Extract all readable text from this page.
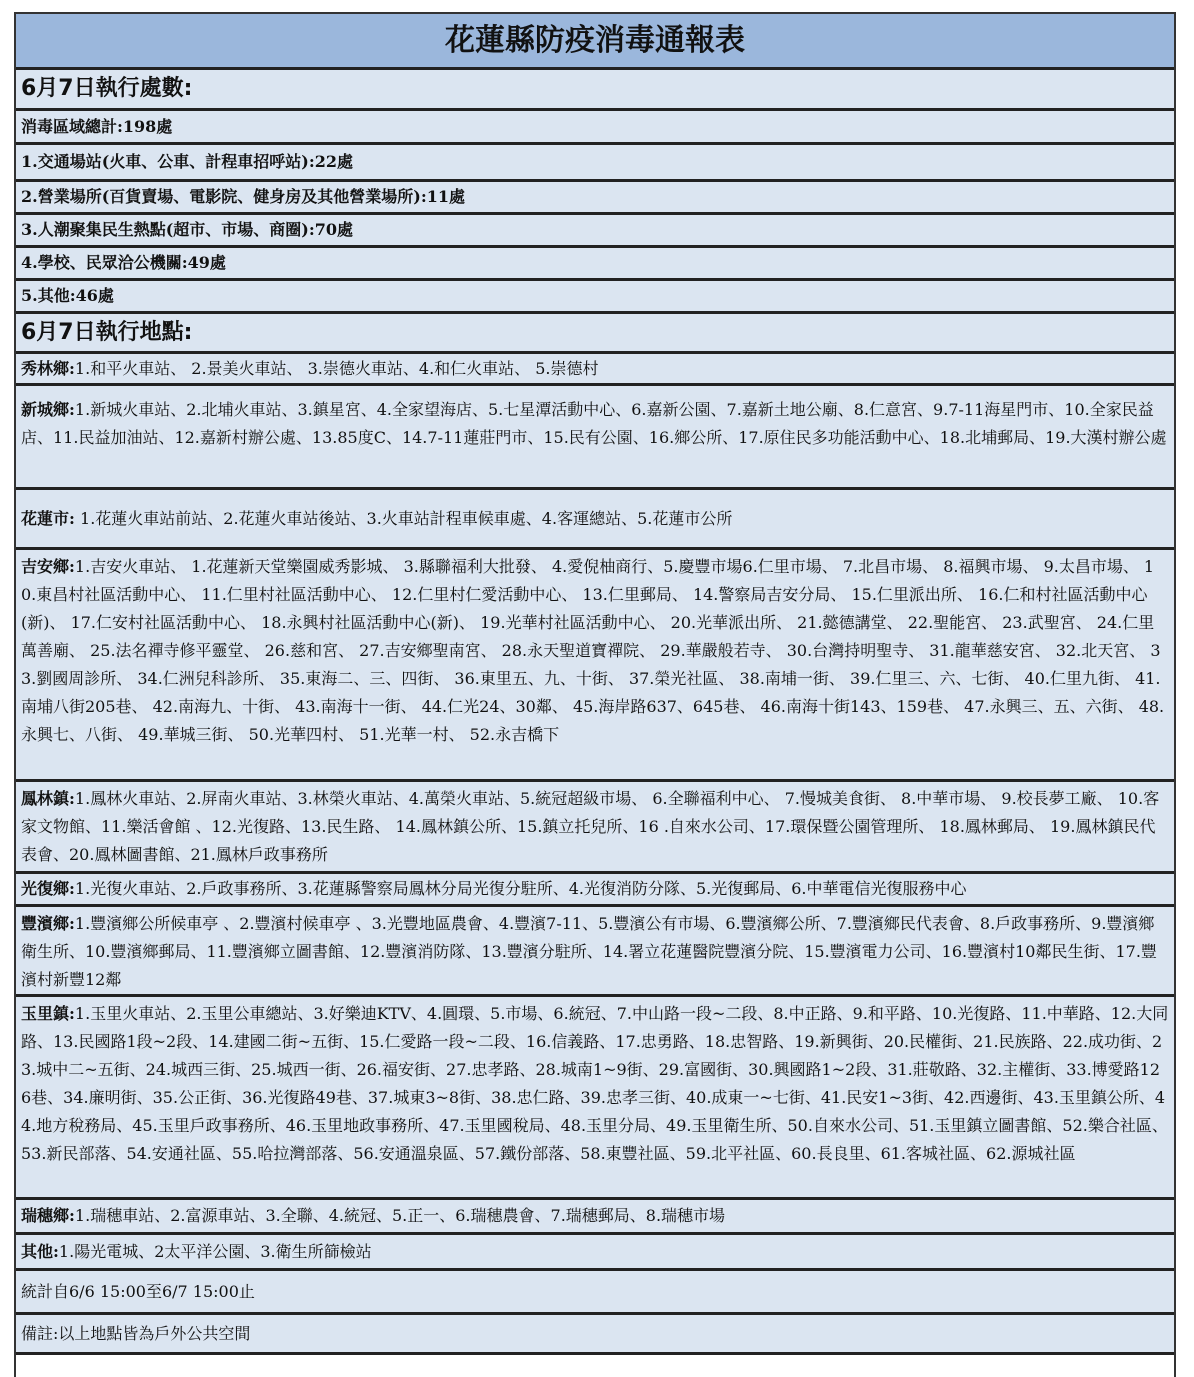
花蓮縣防疫消毒通報表
6月7日執行處數:
消毒區域總計:198處
1.交通場站(火車、公車、計程車招呼站):22處
2.營業場所(百貨賣場、電影院、健身房及其他營業場所):11處
3.人潮聚集民生熱點(超市、市場、商圈):70處
4.學校、民眾洽公機關:49處
5.其他:46處
6月7日執行地點:
秀林鄉:1.和平火車站、 2.景美火車站、 3.崇德火車站、4.和仁火車站、 5.崇德村
新城鄉:1.新城火車站、2.北埔火車站、3.鎮星宮、4.全家望海店、5.七星潭活動中心、6.嘉新公園、7.嘉新土地公廟、8.仁意宮、9.7-11海星門市、10.全家民益店、11.民益加油站、12.嘉新村辦公處、13.85度C、14.7-11蓮莊門市、15.民有公園、16.鄉公所、17.原住民多功能活動中心、18.北埔郵局、19.大漢村辦公處
花蓮市: 1.花蓮火車站前站、2.花蓮火車站後站、3.火車站計程車候車處、4.客運總站、5.花蓮市公所
吉安鄉:1.吉安火車站、 1.花蓮新天堂樂園威秀影城、 3.縣聯福利大批發、 4.愛倪柚商行、5.慶豐市場6.仁里市場、 7.北昌市場、 8.福興市場、 9.太昌市場、 10.東昌村社區活動中心、 11.仁里村社區活動中心、 12.仁里村仁愛活動中心、 13.仁里郵局、 14.警察局吉安分局、 15.仁里派出所、 16.仁和村社區活動中心(新)、 17.仁安村社區活動中心、 18.永興村社區活動中心(新)、 19.光華村社區活動中心、 20.光華派出所、 21.懿德講堂、 22.聖能宮、 23.武聖宮、 24.仁里萬善廟、 25.法名禪寺修平靈堂、 26.慈和宮、 27.吉安鄉聖南宮、 28.永天聖道寶禪院、 29.華嚴般若寺、 30.台灣持明聖寺、 31.龍華慈安宮、 32.北天宮、 33.劉國周診所、 34.仁洲兒科診所、 35.東海二、三、四街、 36.東里五、九、十街、 37.榮光社區、 38.南埔一街、 39.仁里三、六、七街、 40.仁里九街、 41.南埔八街205巷、 42.南海九、十街、 43.南海十一街、 44.仁光24、30鄰、 45.海岸路637、645巷、 46.南海十街143、159巷、 47.永興三、五、六街、 48.永興七、八街、 49.華城三街、 50.光華四村、 51.光華一村、 52.永吉橋下
鳳林鎮:1.鳳林火車站、2.屏南火車站、3.林榮火車站、4.萬榮火車站、5.統冠超級市場、 6.全聯福利中心、 7.慢城美食街、 8.中華市場、 9.校長夢工廠、 10.客家文物館、11.樂活會館 、12.光復路、13.民生路、 14.鳳林鎮公所、15.鎮立托兒所、16 .自來水公司、17.環保暨公園管理所、 18.鳳林郵局、 19.鳳林鎮民代表會、20.鳳林圖書館、21.鳳林戶政事務所
光復鄉:1.光復火車站、2.戶政事務所、3.花蓮縣警察局鳳林分局光復分駐所、4.光復消防分隊、5.光復郵局、6.中華電信光復服務中心
豐濱鄉:1.豐濱鄉公所候車亭 、2.豐濱村候車亭 、3.光豐地區農會、4.豐濱7-11、5.豐濱公有市場、6.豐濱鄉公所、7.豐濱鄉民代表會、8.戶政事務所、9.豐濱鄉衛生所、10.豐濱鄉郵局、11.豐濱鄉立圖書館、12.豐濱消防隊、13.豐濱分駐所、14.署立花蓮醫院豐濱分院、15.豐濱電力公司、16.豐濱村10鄰民生街、17.豐濱村新豐12鄰
玉里鎮:1.玉里火車站、2.玉里公車總站、3.好樂迪KTV、4.圓環、5.市場、6.統冠、7.中山路一段~二段、8.中正路、9.和平路、10.光復路、11.中華路、12.大同路、13.民國路1段~2段、14.建國二街~五街、15.仁愛路一段~二段、16.信義路、17.忠勇路、18.忠智路、19.新興街、20.民權街、21.民族路、22.成功街、23.城中二~五街、24.城西三街、25.城西一街、26.福安街、27.忠孝路、28.城南1~9街、29.富國街、30.興國路1~2段、31.莊敬路、32.主權街、33.博愛路126巷、34.廉明街、35.公正街、36.光復路49巷、37.城東3~8街、38.忠仁路、39.忠孝三街、40.成東一~七街、41.民安1~3街、42.西邊街、43.玉里鎮公所、44.地方稅務局、45.玉里戶政事務所、46.玉里地政事務所、47.玉里國稅局、48.玉里分局、49.玉里衛生所、50.自來水公司、51.玉里鎮立圖書館、52.樂合社區、53.新民部落、54.安通社區、55.哈拉灣部落、56.安通溫泉區、57.鐵份部落、58.東豐社區、59.北平社區、60.長良里、61.客城社區、62.源城社區
瑞穗鄉:1.瑞穗車站、2.富源車站、3.全聯、4.統冠、5.正一、6.瑞穗農會、7.瑞穗郵局、8.瑞穗市場
其他:1.陽光電城、2太平洋公園、3.衛生所篩檢站
統計自6/6 15:00至6/7 15:00止
備註:以上地點皆為戶外公共空間
